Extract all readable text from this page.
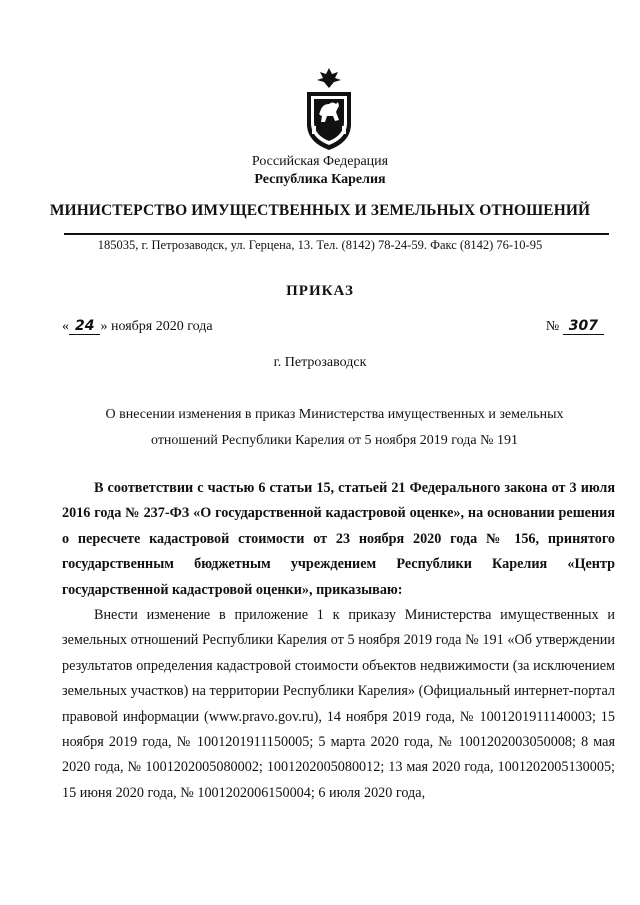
Российская Федерация
Республика Карелия
МИНИСТЕРСТВО ИМУЩЕСТВЕННЫХ И ЗЕМЕЛЬНЫХ ОТНОШЕНИЙ
185035, г. Петрозаводск, ул. Герцена, 13. Тел. (8142) 78-24-59. Факс (8142) 76-10-95
ПРИКАЗ
« 24 » ноября 2020 года	№ 307
г. Петрозаводск
О внесении изменения в приказ Министерства имущественных и земельных
отношений Республики Карелия от 5 ноября 2019 года № 191

В соответствии с частью 6 статьи 15, статьей 21 Федерального закона от 3 июля 2016 года № 237-ФЗ «О государственной кадастровой оценке», на основании решения о пересчете кадастровой стоимости от 23 ноября 2020 года № 156, принятого государственным бюджетным учреждением Республики Карелия «Центр государственной кадастровой оценки», приказываю:

Внести изменение в приложение 1 к приказу Министерства имущественных и земельных отношений Республики Карелия от 5 ноября 2019 года № 191 «Об утверждении результатов определения кадастровой стоимости объектов недвижимости (за исключением земельных участков) на территории Республики Карелия» (Официальный интернет-портал правовой информации (www.pravo.gov.ru), 14 ноября 2019 года, № 1001201911140003; 15 ноября 2019 года, № 1001201911150005; 5 марта 2020 года, № 1001202003050008; 8 мая 2020 года, № 1001202005080002; 1001202005080012; 13 мая 2020 года, 1001202005130005; 15 июня 2020 года, № 1001202006150004; 6 июля 2020 года,
